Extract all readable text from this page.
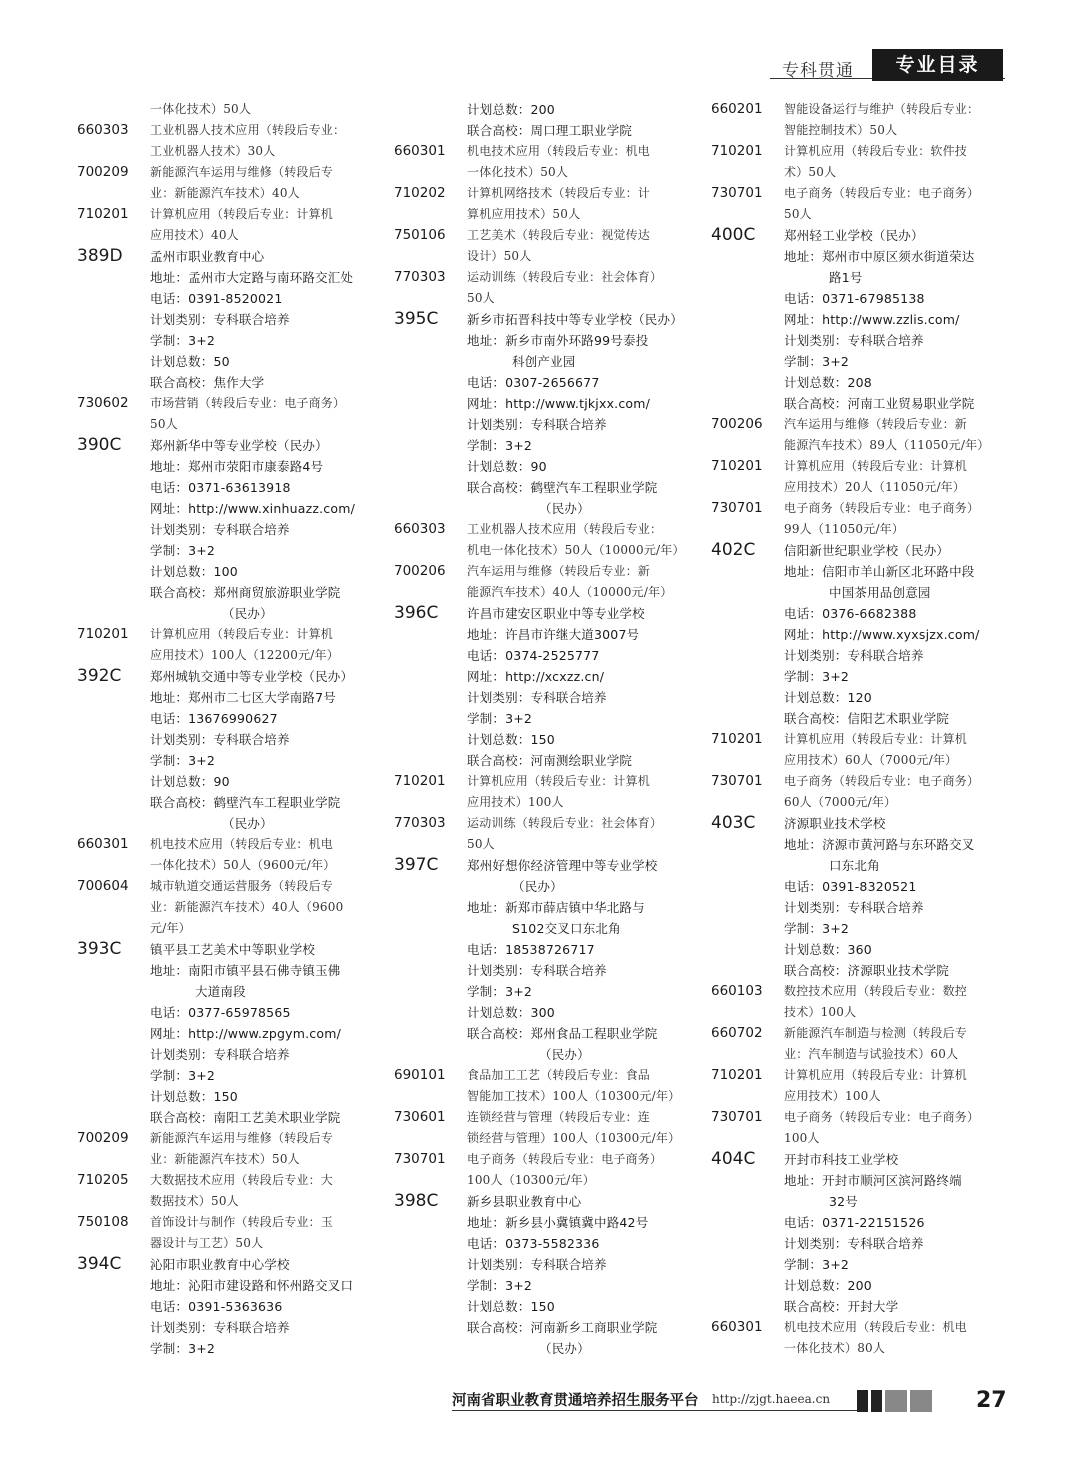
专科贯通	专业目录
一体化技术）50人
660303	工业机器人技术应用（转段后专业：
工业机器人技术）30人
700209	新能源汽车运用与维修（转段后专
业：新能源汽车技术）40人
710201	计算机应用（转段后专业：计算机
应用技术）40人
389D	孟州市职业教育中心
地址：孟州市大定路与南环路交汇处
电话：0391-8520021
计划类别：专科联合培养
学制：3+2
计划总数：50
联合高校：焦作大学
730602	市场营销（转段后专业：电子商务）
50人
390C	郑州新华中等专业学校（民办）
地址：郑州市荥阳市康泰路4号
电话：0371-63613918
网址：http://www.xinhuazz.com/
计划类别：专科联合培养
学制：3+2
计划总数：100
联合高校：郑州商贸旅游职业学院
（民办）
710201	计算机应用（转段后专业：计算机
应用技术）100人（12200元/年）
392C	郑州城轨交通中等专业学校（民办）
地址：郑州市二七区大学南路7号
电话：13676990627
计划类别：专科联合培养
学制：3+2
计划总数：90
联合高校：鹤壁汽车工程职业学院
（民办）
660301	机电技术应用（转段后专业：机电
一体化技术）50人（9600元/年）
700604	城市轨道交通运营服务（转段后专
业：新能源汽车技术）40人（9600
元/年）
393C	镇平县工艺美术中等职业学校
地址：南阳市镇平县石佛寺镇玉佛
大道南段
电话：0377-65978565
网址：http://www.zpgym.com/
计划类别：专科联合培养
学制：3+2
计划总数：150
联合高校：南阳工艺美术职业学院
700209	新能源汽车运用与维修（转段后专
业：新能源汽车技术）50人
710205	大数据技术应用（转段后专业：大
数据技术）50人
750108	首饰设计与制作（转段后专业：玉
器设计与工艺）50人
394C	沁阳市职业教育中心学校
地址：沁阳市建设路和怀州路交叉口
电话：0391-5363636
计划类别：专科联合培养
学制：3+2
计划总数：200
联合高校：周口理工职业学院
660301	机电技术应用（转段后专业：机电
一体化技术）50人
710202	计算机网络技术（转段后专业：计
算机应用技术）50人
750106	工艺美术（转段后专业：视觉传达
设计）50人
770303	运动训练（转段后专业：社会体育）
50人
395C	新乡市拓晋科技中等专业学校（民办）
地址：新乡市南外环路99号泰投
科创产业园
电话：0307-2656677
网址：http://www.tjkjxx.com/
计划类别：专科联合培养
学制：3+2
计划总数：90
联合高校：鹤壁汽车工程职业学院
（民办）
660303	工业机器人技术应用（转段后专业：
机电一体化技术）50人（10000元/年）
700206	汽车运用与维修（转段后专业：新
能源汽车技术）40人（10000元/年）
396C	许昌市建安区职业中等专业学校
地址：许昌市许继大道3007号
电话：0374-2525777
网址：http://xcxzz.cn/
计划类别：专科联合培养
学制：3+2
计划总数：150
联合高校：河南测绘职业学院
710201	计算机应用（转段后专业：计算机
应用技术）100人
770303	运动训练（转段后专业：社会体育）
50人
397C	郑州好想你经济管理中等专业学校
（民办）
地址：新郑市薛店镇中华北路与
S102交叉口东北角
电话：18538726717
计划类别：专科联合培养
学制：3+2
计划总数：300
联合高校：郑州食品工程职业学院
（民办）
690101	食品加工工艺（转段后专业：食品
智能加工技术）100人（10300元/年）
730601	连锁经营与管理（转段后专业：连
锁经营与管理）100人（10300元/年）
730701	电子商务（转段后专业：电子商务）
100人（10300元/年）
398C	新乡县职业教育中心
地址：新乡县小冀镇冀中路42号
电话：0373-5582336
计划类别：专科联合培养
学制：3+2
计划总数：150
联合高校：河南新乡工商职业学院
（民办）
660201	智能设备运行与维护（转段后专业：
智能控制技术）50人
710201	计算机应用（转段后专业：软件技
术）50人
730701	电子商务（转段后专业：电子商务）
50人
400C	郑州轻工业学校（民办）
地址：郑州市中原区须水街道荣达
路1号
电话：0371-67985138
网址：http://www.zzlis.com/
计划类别：专科联合培养
学制：3+2
计划总数：208
联合高校：河南工业贸易职业学院
700206	汽车运用与维修（转段后专业：新
能源汽车技术）89人（11050元/年）
710201	计算机应用（转段后专业：计算机
应用技术）20人（11050元/年）
730701	电子商务（转段后专业：电子商务）
99人（11050元/年）
402C	信阳新世纪职业学校（民办）
地址：信阳市羊山新区北环路中段
中国茶用品创意园
电话：0376-6682388
网址：http://www.xyxsjzx.com/
计划类别：专科联合培养
学制：3+2
计划总数：120
联合高校：信阳艺术职业学院
710201	计算机应用（转段后专业：计算机
应用技术）60人（7000元/年）
730701	电子商务（转段后专业：电子商务）
60人（7000元/年）
403C	济源职业技术学校
地址：济源市黄河路与东环路交叉
口东北角
电话：0391-8320521
计划类别：专科联合培养
学制：3+2
计划总数：360
联合高校：济源职业技术学院
660103	数控技术应用（转段后专业：数控
技术）100人
660702	新能源汽车制造与检测（转段后专
业：汽车制造与试验技术）60人
710201	计算机应用（转段后专业：计算机
应用技术）100人
730701	电子商务（转段后专业：电子商务）
100人
404C	开封市科技工业学校
地址：开封市顺河区滨河路终端
32号
电话：0371-22151526
计划类别：专科联合培养
学制：3+2
计划总数：200
联合高校：开封大学
660301	机电技术应用（转段后专业：机电
一体化技术）80人
河南省职业教育贯通培养招生服务平台 http://zjgt.haeea.cn	27
